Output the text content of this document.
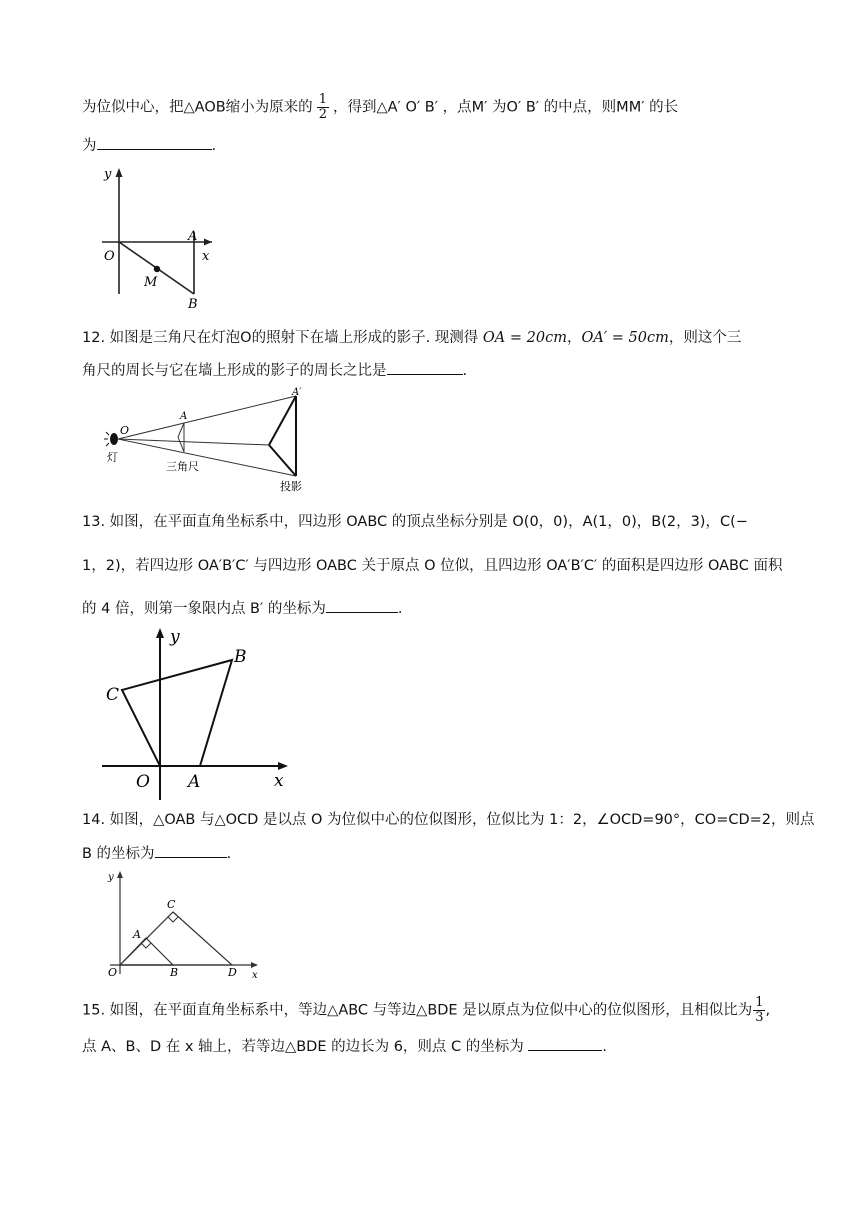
为位似中心，把△AOB缩小为原来的 $\frac{1}{2}$ ，得到△A′ O′ B′ ，点M′ 为O′ B′ 的中点，则MM′ 的长
为	.
y
x
O
A
B
M
12. 如图是三角尺在灯泡O的照射下在墙上形成的影子. 现测得 OA = 20cm，OA′ = 50cm，则这个三
角尺的周长与它在墙上形成的影子的周长之比是	.
O
A
A′
灯
三角尺
投影
13. 如图，在平面直角坐标系中，四边形 OABC 的顶点坐标分别是 O(0，0)，A(1，0)，B(2，3)，C(−
1，2)，若四边形 OA′B′C′ 与四边形 OABC 关于原点 O 位似，且四边形 OA′B′C′ 的面积是四边形 OABC 面积
的 4 倍，则第一象限内点 B′ 的坐标为	.
y
x
O A
B
C
14. 如图，△OAB 与△OCD 是以点 O 为位似中心的位似图形，位似比为 1：2，∠OCD=90°，CO=CD=2，则点
B 的坐标为	.
y
x
O
A
B
C
D
15. 如图，在平面直角坐标系中，等边△ABC 与等边△BDE 是以原点为位似中心的位似图形，且相似比为 $\frac{1}{3}$ ,
点 A、B、D 在 x 轴上，若等边△BDE 的边长为 6，则点 C 的坐标为	.
